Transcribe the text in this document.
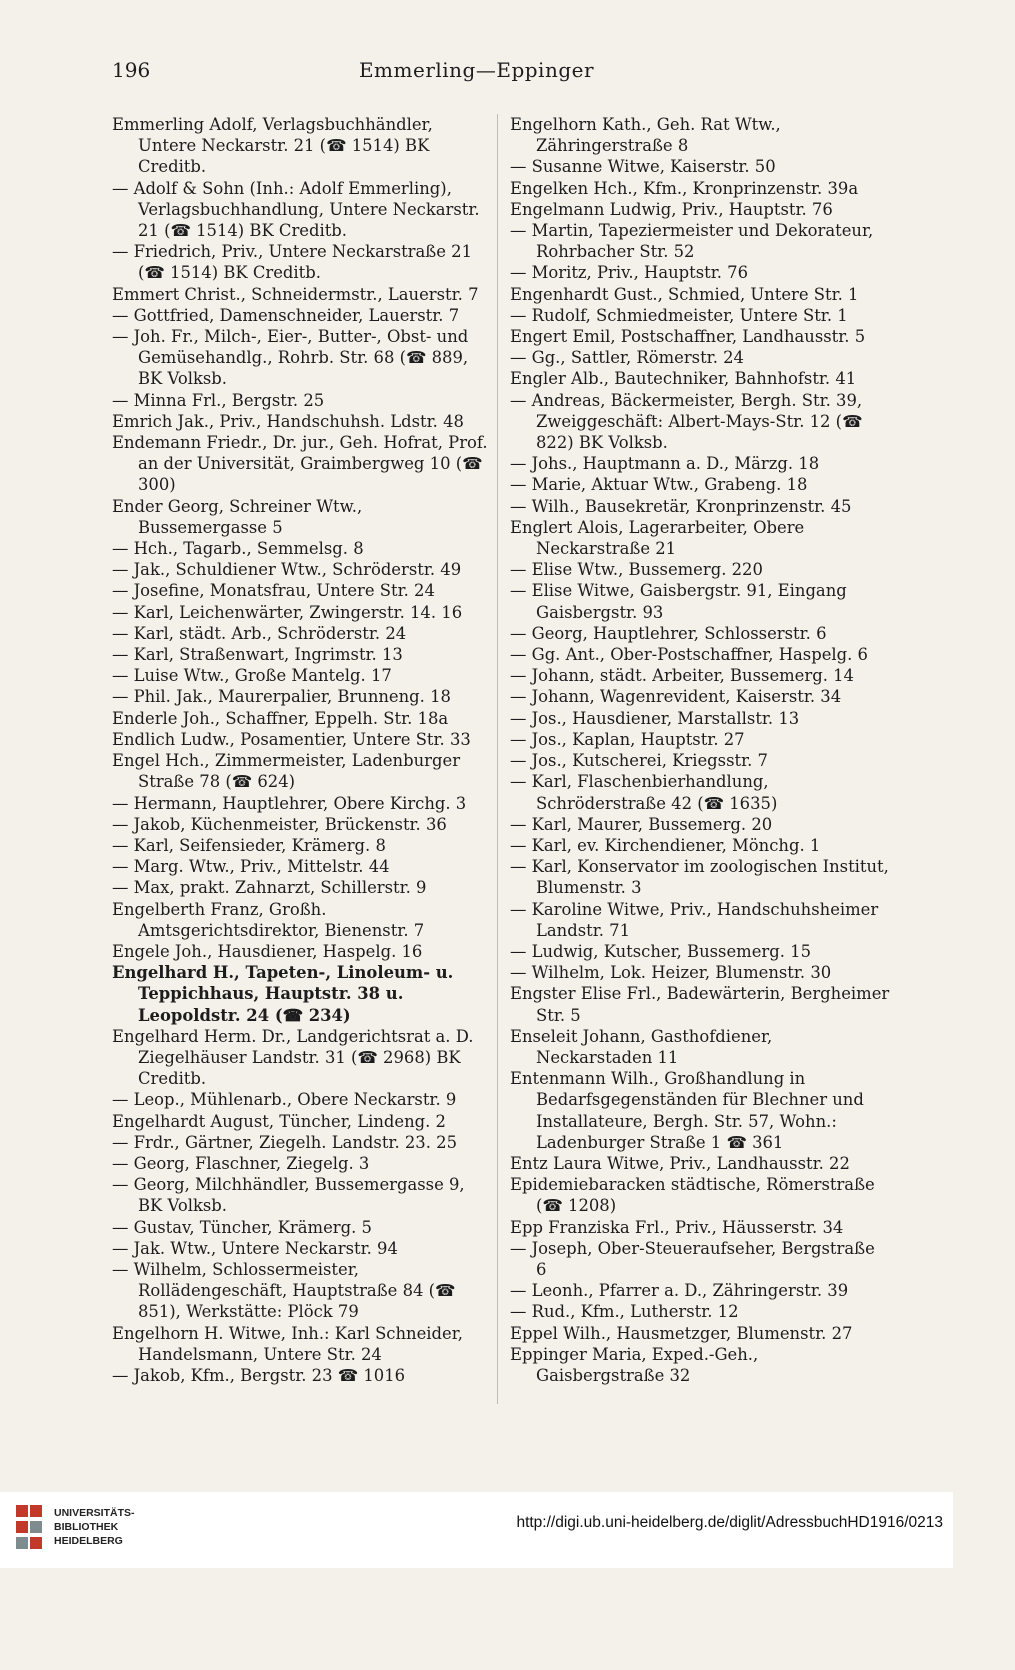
196	Emmerling—Eppinger
Emmerling Adolf, Verlagsbuchhändler, Untere Neckarstr. 21 (☎ 1514) BK Creditb.
— Adolf & Sohn (Inh.: Adolf Emmerling), Verlagsbuchhandlung, Untere Neckarstr. 21 (☎ 1514) BK Creditb.
— Friedrich, Priv., Untere Neckarstraße 21 (☎ 1514) BK Creditb.
Emmert Christ., Schneidermstr., Lauerstr. 7
— Gottfried, Damenschneider, Lauerstr. 7
— Joh. Fr., Milch-, Eier-, Butter-, Obst- und Gemüsehandlg., Rohrb. Str. 68 (☎ 889, BK Volksb.
— Minna Frl., Bergstr. 25
Emrich Jak., Priv., Handschuhsh. Ldstr. 48
Endemann Friedr., Dr. jur., Geh. Hofrat, Prof. an der Universität, Graimbergweg 10 (☎ 300)
Ender Georg, Schreiner Wtw., Bussemergasse 5
— Hch., Tagarb., Semmelsg. 8
— Jak., Schuldiener Wtw., Schröderstr. 49
— Josefine, Monatsfrau, Untere Str. 24
— Karl, Leichenwärter, Zwingerstr. 14. 16
— Karl, städt. Arb., Schröderstr. 24
— Karl, Straßenwart, Ingrimstr. 13
— Luise Wtw., Große Mantelg. 17
— Phil. Jak., Maurerpalier, Brunneng. 18
Enderle Joh., Schaffner, Eppelh. Str. 18a
Endlich Ludw., Posamentier, Untere Str. 33
Engel Hch., Zimmermeister, Ladenburger Straße 78 (☎ 624)
— Hermann, Hauptlehrer, Obere Kirchg. 3
— Jakob, Küchenmeister, Brückenstr. 36
— Karl, Seifensieder, Krämerg. 8
— Marg. Wtw., Priv., Mittelstr. 44
— Max, prakt. Zahnarzt, Schillerstr. 9
Engelberth Franz, Großh. Amtsgerichtsdirektor, Bienenstr. 7
Engele Joh., Hausdiener, Haspelg. 16
Engelhard H., Tapeten-, Linoleum- u. Teppichhaus, Hauptstr. 38 u. Leopoldstr. 24 (☎ 234)
Engelhard Herm. Dr., Landgerichtsrat a. D. Ziegelhäuser Landstr. 31 (☎ 2968) BK Creditb.
— Leop., Mühlenarb., Obere Neckarstr. 9
Engelhardt August, Tüncher, Lindeng. 2
— Frdr., Gärtner, Ziegelh. Landstr. 23. 25
— Georg, Flaschner, Ziegelg. 3
— Georg, Milchhändler, Bussemergasse 9, BK Volksb.
— Gustav, Tüncher, Krämerg. 5
— Jak. Wtw., Untere Neckarstr. 94
— Wilhelm, Schlossermeister, Rollädengeschäft, Hauptstraße 84 (☎ 851), Werkstätte: Plöck 79
Engelhorn H. Witwe, Inh.: Karl Schneider, Handelsmann, Untere Str. 24
— Jakob, Kfm., Bergstr. 23 ☎ 1016
Engelhorn Kath., Geh. Rat Wtw., Zähringerstraße 8
— Susanne Witwe, Kaiserstr. 50
Engelken Hch., Kfm., Kronprinzenstr. 39a
Engelmann Ludwig, Priv., Hauptstr. 76
— Martin, Tapeziermeister und Dekorateur, Rohrbacher Str. 52
— Moritz, Priv., Hauptstr. 76
Engenhardt Gust., Schmied, Untere Str. 1
— Rudolf, Schmiedmeister, Untere Str. 1
Engert Emil, Postschaffner, Landhausstr. 5
— Gg., Sattler, Römerstr. 24
Engler Alb., Bautechniker, Bahnhofstr. 41
— Andreas, Bäckermeister, Bergh. Str. 39, Zweiggeschäft: Albert-Mays-Str. 12 (☎ 822) BK Volksb.
— Johs., Hauptmann a. D., Märzg. 18
— Marie, Aktuar Wtw., Grabeng. 18
— Wilh., Bausekretär, Kronprinzenstr. 45
Englert Alois, Lagerarbeiter, Obere Neckarstraße 21
— Elise Wtw., Bussemerg. 220
— Elise Witwe, Gaisbergstr. 91, Eingang Gaisbergstr. 93
— Georg, Hauptlehrer, Schlosserstr. 6
— Gg. Ant., Ober-Postschaffner, Haspelg. 6
— Johann, städt. Arbeiter, Bussemerg. 14
— Johann, Wagenrevident, Kaiserstr. 34
— Jos., Hausdiener, Marstallstr. 13
— Jos., Kaplan, Hauptstr. 27
— Jos., Kutscherei, Kriegsstr. 7
— Karl, Flaschenbierhandlung, Schröderstraße 42 (☎ 1635)
— Karl, Maurer, Bussemerg. 20
— Karl, ev. Kirchendiener, Mönchg. 1
— Karl, Konservator im zoologischen Institut, Blumenstr. 3
— Karoline Witwe, Priv., Handschuhsheimer Landstr. 71
— Ludwig, Kutscher, Bussemerg. 15
— Wilhelm, Lok. Heizer, Blumenstr. 30
Engster Elise Frl., Badewärterin, Bergheimer Str. 5
Enseleit Johann, Gasthofdiener, Neckarstaden 11
Entenmann Wilh., Großhandlung in Bedarfsgegenständen für Blechner und Installateure, Bergh. Str. 57, Wohn.: Ladenburger Straße 1 ☎ 361
Entz Laura Witwe, Priv., Landhausstr. 22
Epidemiebaracken städtische, Römerstraße (☎ 1208)
Epp Franziska Frl., Priv., Häusserstr. 34
— Joseph, Ober-Steueraufseher, Bergstraße 6
— Leonh., Pfarrer a. D., Zähringerstr. 39
— Rud., Kfm., Lutherstr. 12
Eppel Wilh., Hausmetzger, Blumenstr. 27
Eppinger Maria, Exped.-Geh., Gaisbergstraße 32
UNIVERSITÄTS-
BIBLIOTHEK
HEIDELBERG
http://digi.ub.uni-heidelberg.de/diglit/AdressbuchHD1916/0213
